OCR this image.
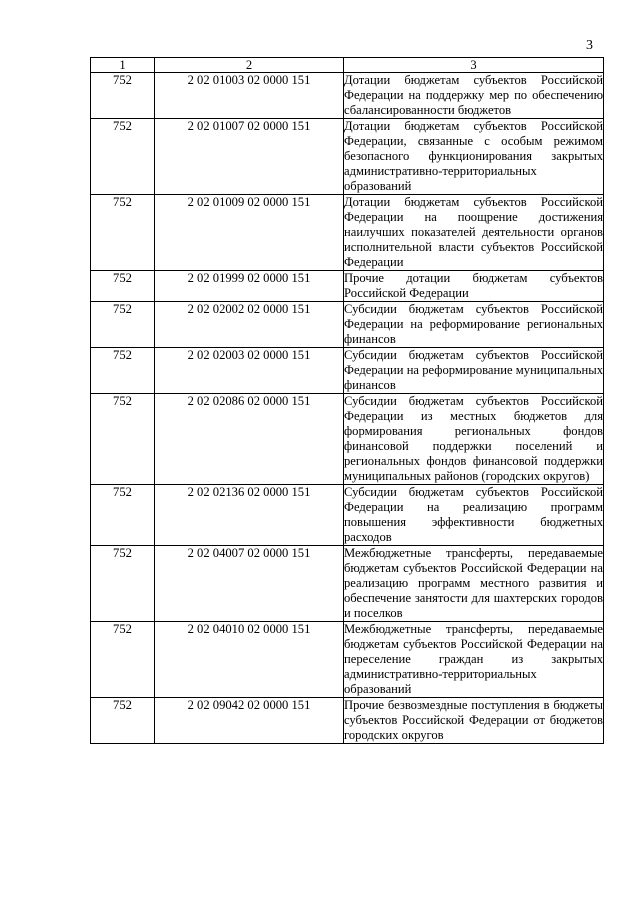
3
1	2	3
752	2 02 01003 02 0000 151	Дотации бюджетам субъектов Российской Федерации на поддержку мер по обеспечению сбалансированности бюджетов
752	2 02 01007 02 0000 151	Дотации бюджетам субъектов Российской Федерации, связанные с особым режимом безопасного функционирования закрытых административно-территориальных образований
752	2 02 01009 02 0000 151	Дотации бюджетам субъектов Российской Федерации на поощрение достижения наилучших показателей деятельности органов исполнительной власти субъектов Российской Федерации
752	2 02 01999 02 0000 151	Прочие дотации бюджетам субъектов Российской Федерации
752	2 02 02002 02 0000 151	Субсидии бюджетам субъектов Российской Федерации на реформирование региональных финансов
752	2 02 02003 02 0000 151	Субсидии бюджетам субъектов Российской Федерации на реформирование муниципальных финансов
752	2 02 02086 02 0000 151	Субсидии бюджетам субъектов Российской Федерации из местных бюджетов для формирования региональных фондов финансовой поддержки поселений и региональных фондов финансовой поддержки муниципальных районов (городских округов)
752	2 02 02136 02 0000 151	Субсидии бюджетам субъектов Российской Федерации на реализацию программ повышения эффективности бюджетных расходов
752	2 02 04007 02 0000 151	Межбюджетные трансферты, передаваемые бюджетам субъектов Российской Федерации на реализацию программ местного развития и обеспечение занятости для шахтерских городов и поселков
752	2 02 04010 02 0000 151	Межбюджетные трансферты, передаваемые бюджетам субъектов Российской Федерации на переселение граждан из закрытых административно-территориальных образований
752	2 02 09042 02 0000 151	Прочие безвозмездные поступления в бюджеты субъектов Российской Федерации от бюджетов городских округов
